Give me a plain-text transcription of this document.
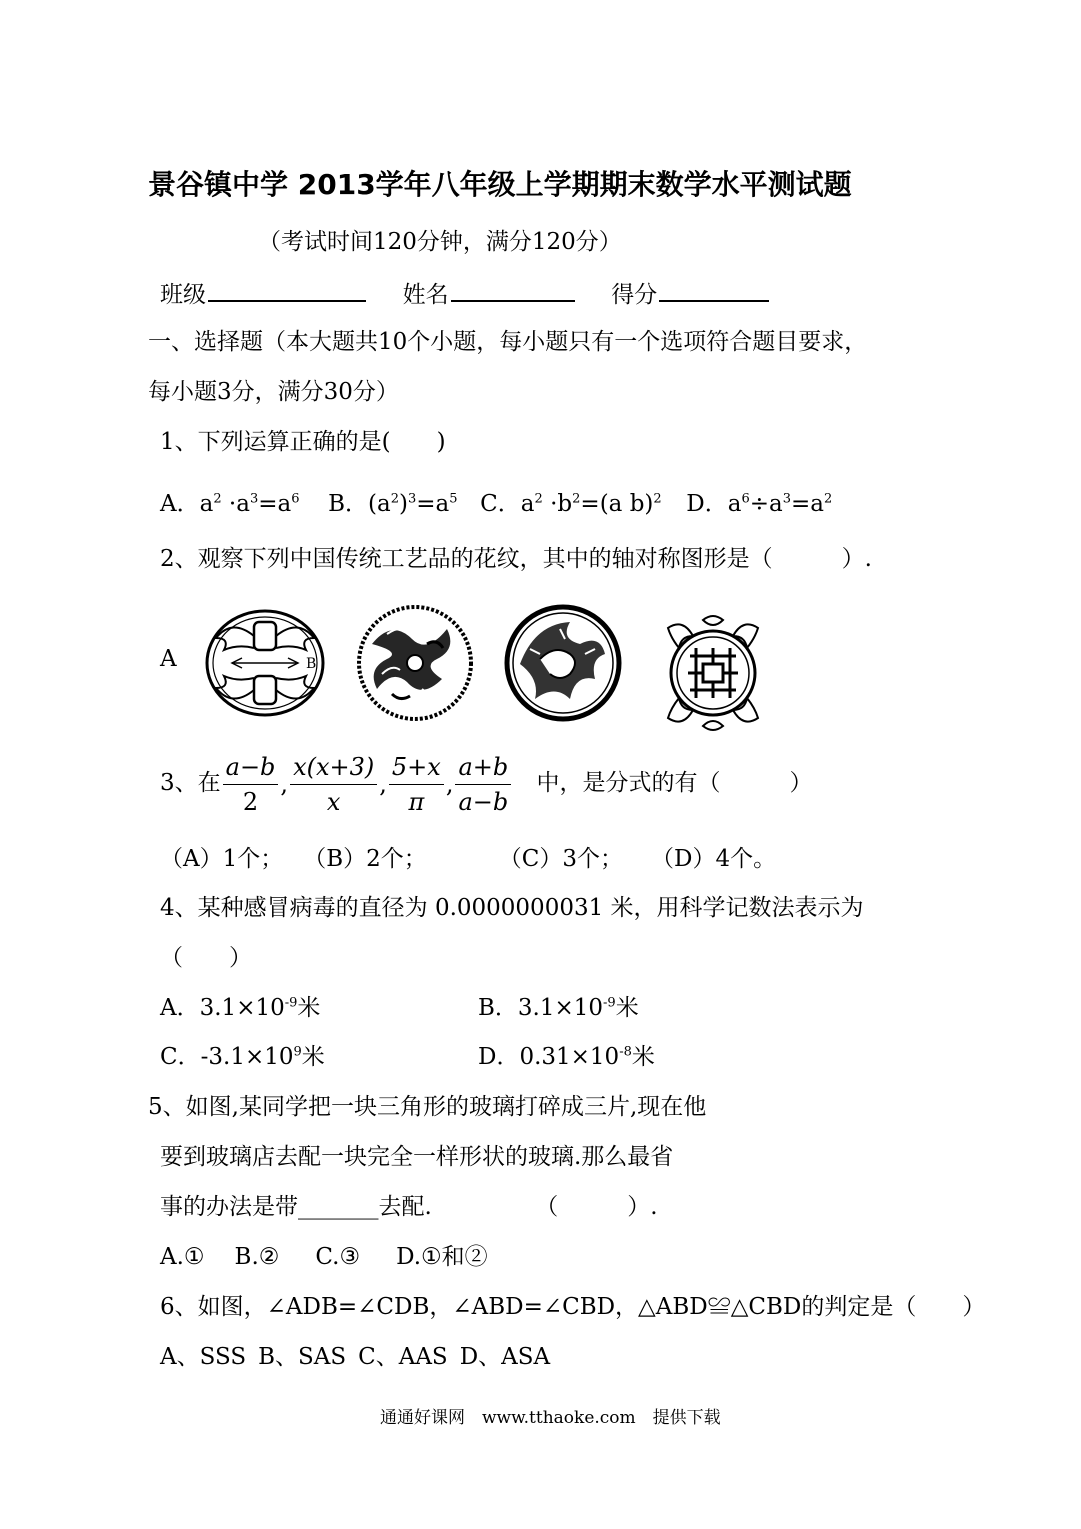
景谷镇中学 2013学年八年级上学期期末数学水平测试题
（考试时间120分钟，满分120分）
班级	姓名	得分
一、选择题（本大题共10个小题，每小题只有一个选项符合题目要求，
每小题3分，满分30分）
1、下列运算正确的是(　　)
A．$a^2 \cdot a^3=a^6$ B．$(a^2)^3=a^5$ C．$a^2 \cdot b^2=(a$ b)$^2$ D．$a^6\div a^3=a^2$
2、观察下列中国传统工艺品的花纹，其中的轴对称图形是（　　　）.
A	B
3、在 $\frac{a-b}{2}$ , $\frac{x(x+3)}{x}$ , $\frac{5+x}{\pi}$ , $\frac{a+b}{a-b}$ 中，是分式的有（　　　）
（A）1个； （B）2个；	（C）3个； （D）4个。
4、某种感冒病毒的直径为 0.0000000031 米，用科学记数法表示为
（　　）
A．$3.1\times 10^{-9}$米	B．$3.1\times 10^{-9}$米
C．$-3.1\times 10^9$米	D．$0.31\times 10^{-8}$米
5、如图,某同学把一块三角形的玻璃打碎成三片,现在他
要到玻璃店去配一块完全一样形状的玻璃.那么最省
事的办法是带_______去配.　　　　　（　　　）.
A.① B.② C.③ D.①和②
6、如图，∠ADB=∠CDB，∠ABD=∠CBD，△ABD≌△CBD的判定是（　　）
A、SSS B、SAS C、AAS D、ASA
通通好课网　www.tthaoke.com　提供下载
